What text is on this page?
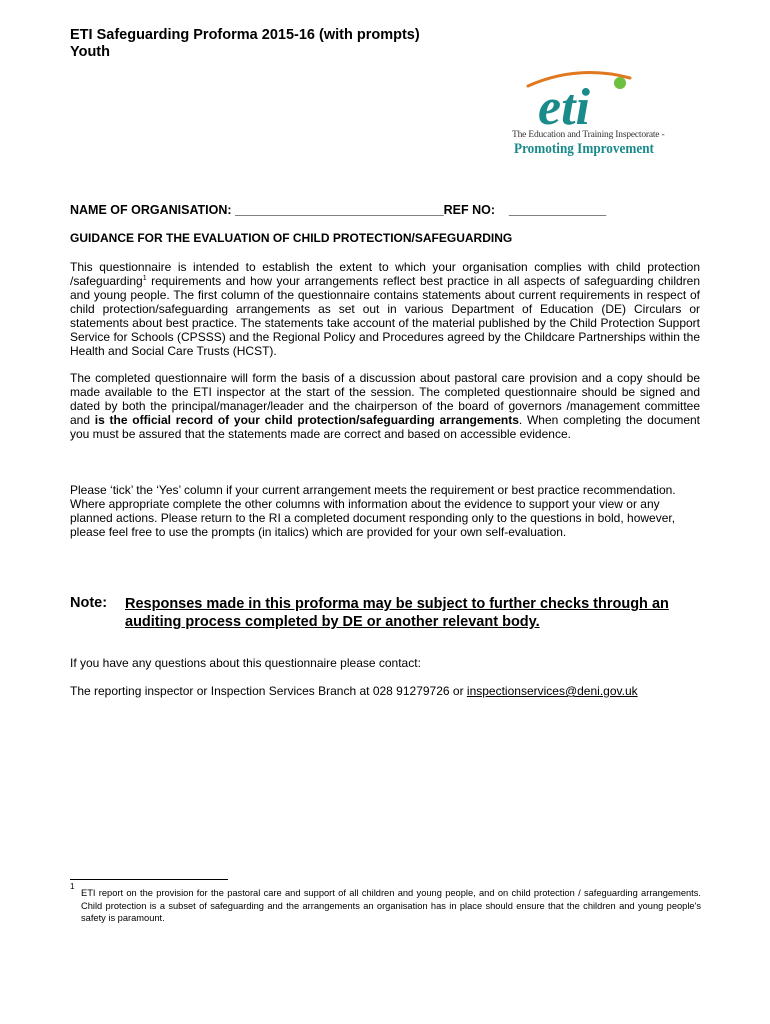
ETI Safeguarding Proforma 2015-16 (with prompts)
Youth
eti
The Education and Training Inspectorate -
Promoting Improvement
NAME OF ORGANISATION: ______________________________REF NO: ______________
GUIDANCE FOR THE EVALUATION OF CHILD PROTECTION/SAFEGUARDING
This questionnaire is intended to establish the extent to which your organisation complies with child protection /safeguarding$^1$ requirements and how your arrangements reflect best practice in all aspects of safeguarding children and young people. The first column of the questionnaire contains statements about current requirements in respect of child protection/safeguarding arrangements as set out in various Department of Education (DE) Circulars or statements about best practice. The statements take account of the material published by the Child Protection Support Service for Schools (CPSSS) and the Regional Policy and Procedures agreed by the Childcare Partnerships within the Health and Social Care Trusts (HCST).
The completed questionnaire will form the basis of a discussion about pastoral care provision and a copy should be made available to the ETI inspector at the start of the session. The completed questionnaire should be signed and dated by both the principal/manager/leader and the chairperson of the board of governors /management committee and is the official record of your child protection/safeguarding arrangements. When completing the document you must be assured that the statements made are correct and based on accessible evidence.
Please ‘tick’ the ‘Yes’ column if your current arrangement meets the requirement or best practice recommendation. Where appropriate complete the other columns with information about the evidence to support your view or any planned actions. Please return to the RI a completed document responding only to the questions in bold, however, please feel free to use the prompts (in italics) which are provided for your own self-evaluation.
Note: Responses made in this proforma may be subject to further checks through an auditing process completed by DE or another relevant body.
If you have any questions about this questionnaire please contact:
The reporting inspector or Inspection Services Branch at 028 91279726 or inspectionservices@deni.gov.uk
1
ETI report on the provision for the pastoral care and support of all children and young people, and on child protection / safeguarding arrangements. Child protection is a subset of safeguarding and the arrangements an organisation has in place should ensure that the children and young people's safety is paramount.
